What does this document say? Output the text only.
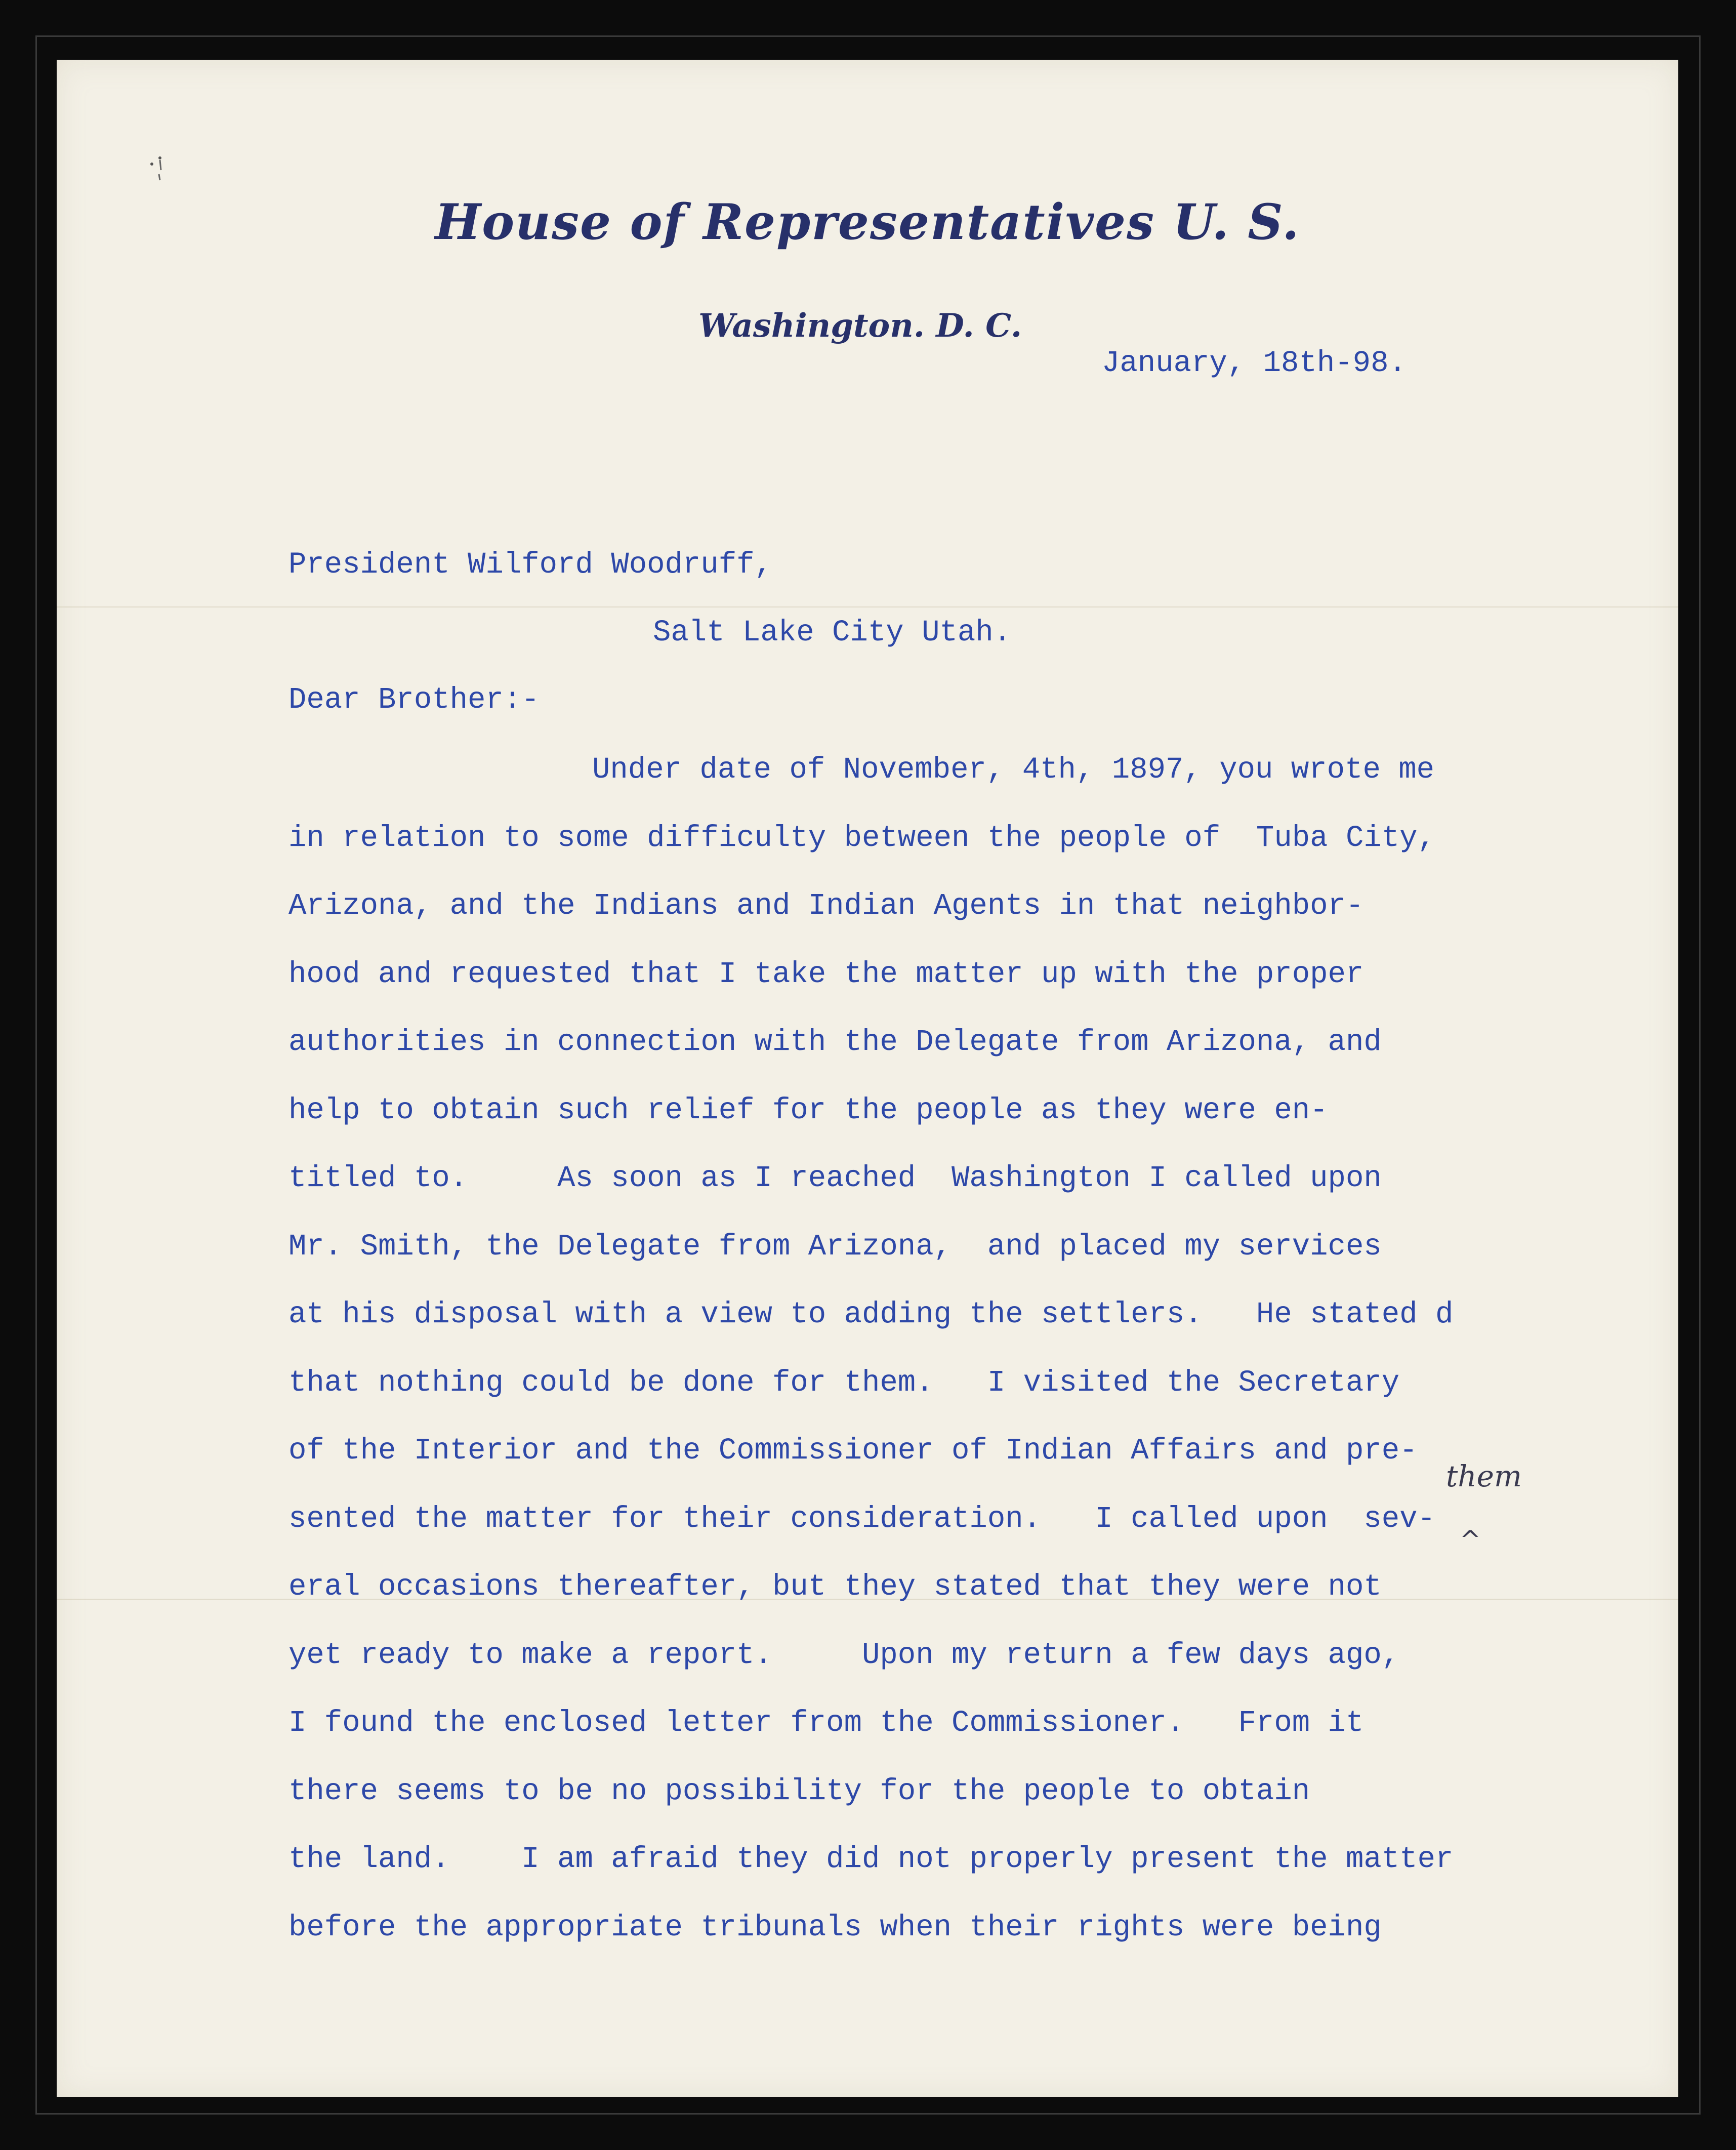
House of Representatives U. S.
Washington. D. C.
January, 18th-98.
President Wilford Woodruff,
Salt Lake City Utah.
Dear Brother:-
Under date of November, 4th, 1897, you wrote me
in relation to some difficulty between the people of  Tuba City,
Arizona, and the Indians and Indian Agents in that neighbor-
hood and requested that I take the matter up with the proper
authorities in connection with the Delegate from Arizona, and
help to obtain such relief for the people as they were en-
titled to.     As soon as I reached  Washington I called upon
Mr. Smith, the Delegate from Arizona,  and placed my services
at his disposal with a view to adding the settlers.   He stated d
that nothing could be done for them.   I visited the Secretary
of the Interior and the Commissioner of Indian Affairs and pre-
sented the matter for their consideration.   I called upon  sev-
eral occasions thereafter, but they stated that they were not
yet ready to make a report.     Upon my return a few days ago,
I found the enclosed letter from the Commissioner.   From it
there seems to be no possibility for the people to obtain
the land.    I am afraid they did not properly present the matter
before the appropriate tribunals when their rights were being
them
^
